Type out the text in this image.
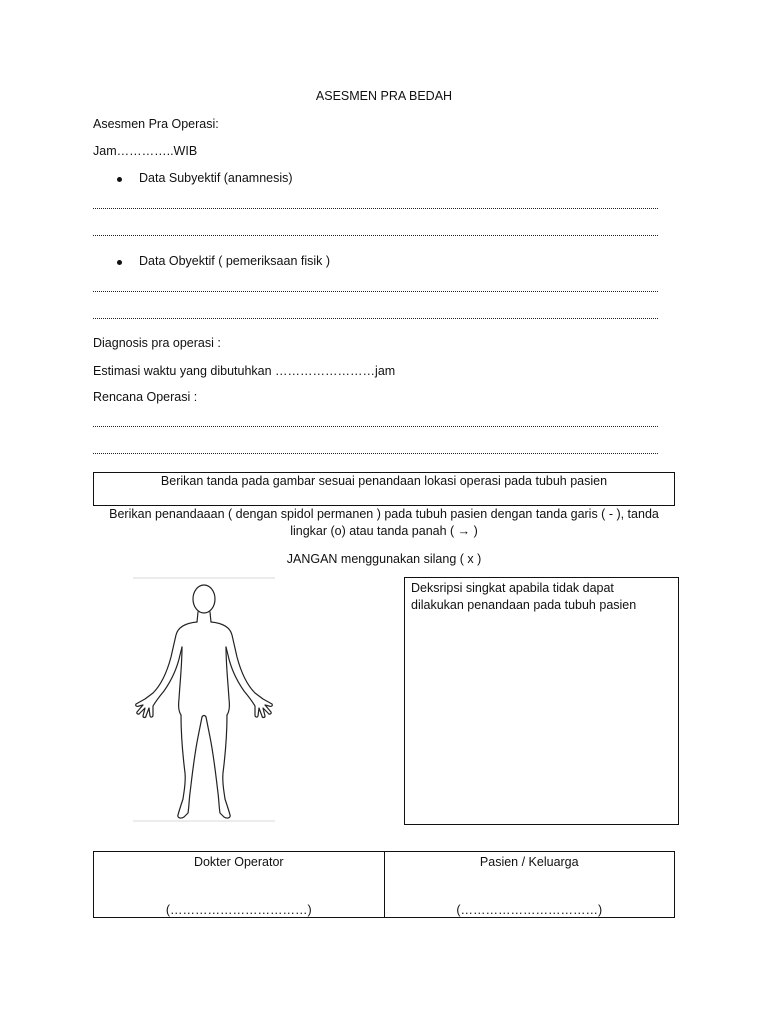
ASESMEN PRA BEDAH
Asesmen Pra Operasi:
Jam…………..WIB
Data Subyektif (anamnesis)
Data Obyektif ( pemeriksaan fisik )
Diagnosis pra operasi :
Estimasi waktu yang dibutuhkan ……………………jam
Rencana Operasi :
Berikan tanda pada gambar sesuai penandaan lokasi operasi pada tubuh pasien
Berikan penandaaan ( dengan spidol permanen ) pada tubuh pasien dengan tanda garis ( - ), tanda
lingkar (o) atau tanda panah ( → )
JANGAN menggunakan silang ( x )
Deksripsi singkat apabila tidak dapat dilakukan penandaan pada tubuh pasien
Dokter Operator
(……………………………)
Pasien / Keluarga
(……………………………)
